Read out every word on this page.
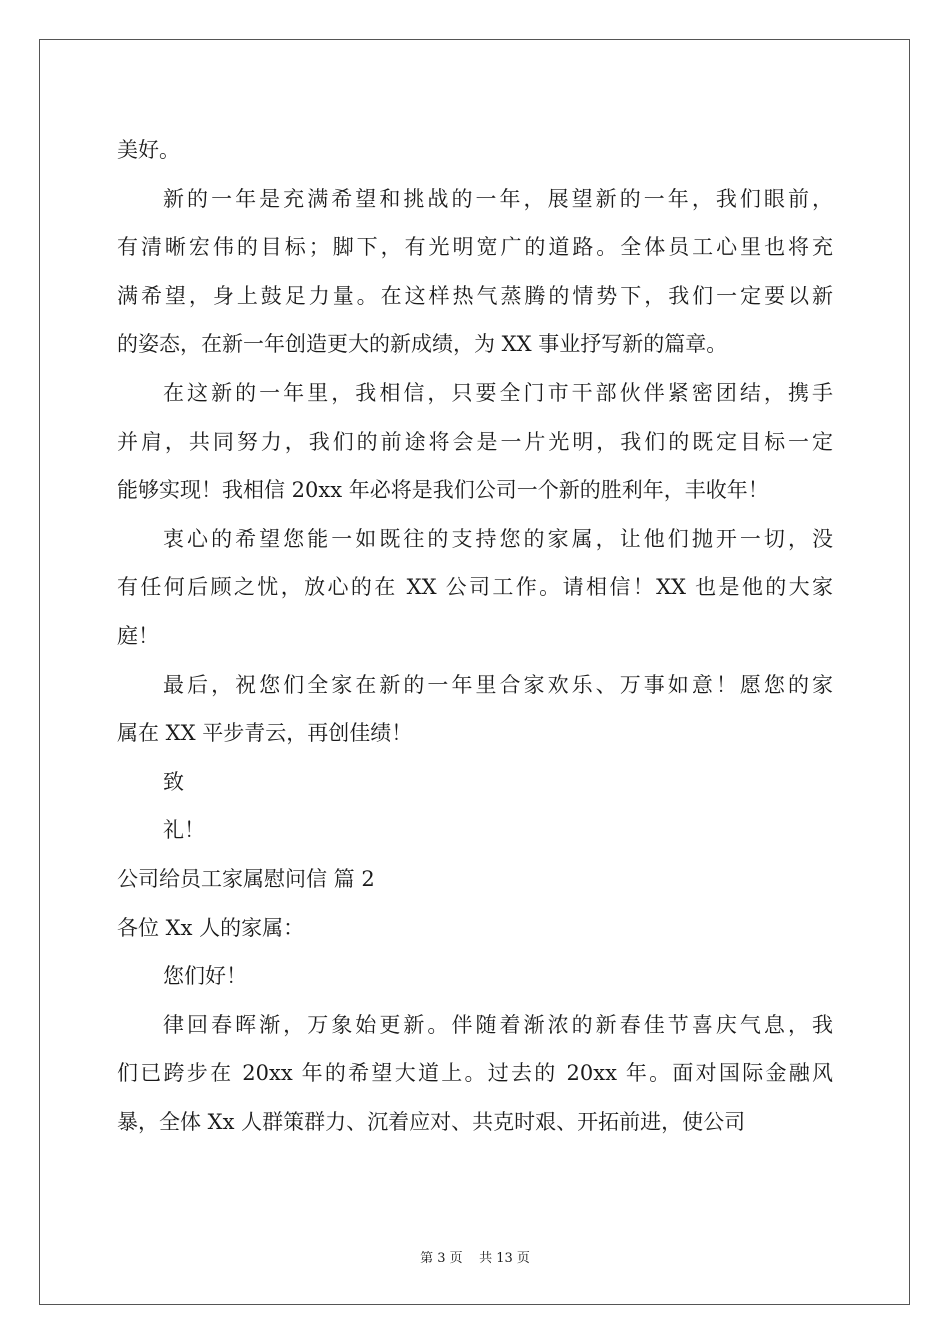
美好。
新的一年是充满希望和挑战的一年，展望新的一年，我们眼前，
有清晰宏伟的目标；脚下，有光明宽广的道路。全体员工心里也将充
满希望，身上鼓足力量。在这样热气蒸腾的情势下，我们一定要以新
的姿态，在新一年创造更大的新成绩，为 XX 事业抒写新的篇章。
在这新的一年里，我相信，只要全门市干部伙伴紧密团结，携手
并肩，共同努力，我们的前途将会是一片光明，我们的既定目标一定
能够实现！我相信 20xx 年必将是我们公司一个新的胜利年，丰收年！
衷心的希望您能一如既往的支持您的家属，让他们抛开一切，没
有任何后顾之忧，放心的在 XX 公司工作。请相信！XX 也是他的大家
庭！
最后，祝您们全家在新的一年里合家欢乐、万事如意！愿您的家
属在 XX 平步青云，再创佳绩！
致
礼！
公司给员工家属慰问信 篇 2
各位 Xx 人的家属：
您们好！
律回春晖渐，万象始更新。伴随着渐浓的新春佳节喜庆气息，我
们已跨步在 20xx 年的希望大道上。过去的 20xx 年。面对国际金融风
暴，全体 Xx 人群策群力、沉着应对、共克时艰、开拓前进，使公司
第 3 页    共 13 页
